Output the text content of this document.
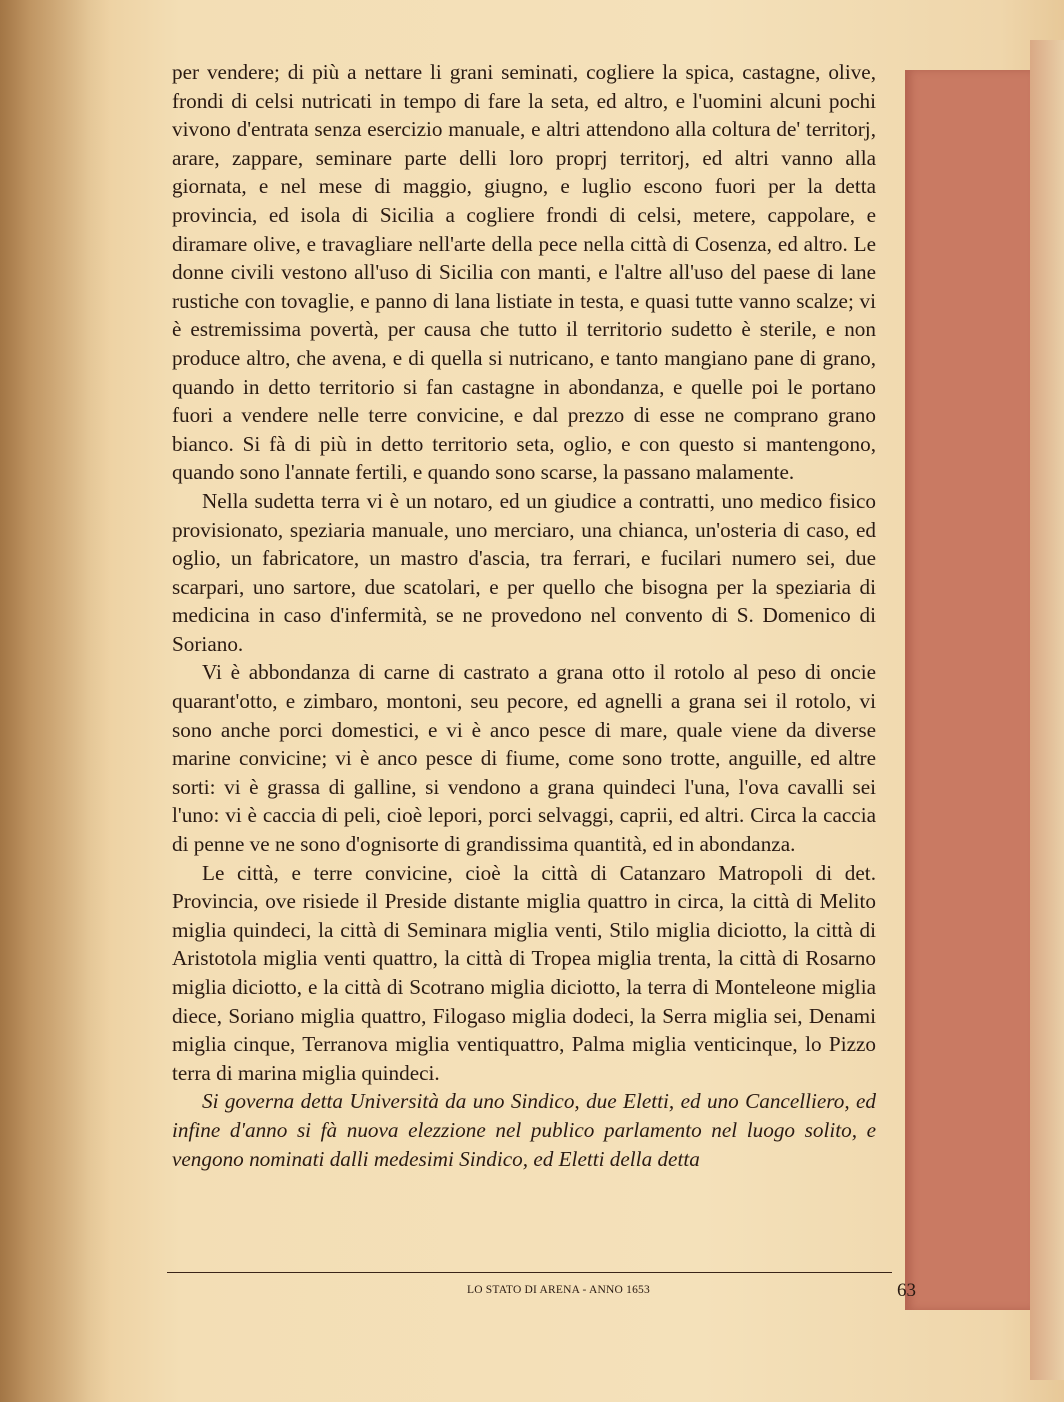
per vendere; di più a nettare li grani seminati, cogliere la spica, castagne, olive, frondi di celsi nutricati in tempo di fare la seta, ed altro, e l'uomini alcuni pochi vivono d'entrata senza esercizio manuale, e altri attendono alla coltura de' territorj, arare, zappare, seminare parte delli loro proprj territorj, ed altri vanno alla giornata, e nel mese di maggio, giugno, e luglio escono fuori per la detta provincia, ed isola di Sicilia a cogliere frondi di celsi, metere, cappolare, e diramare olive, e travagliare nell'arte della pece nella città di Cosenza, ed altro. Le donne civili vestono all'uso di Sicilia con manti, e l'altre all'uso del paese di lane rustiche con tovaglie, e panno di lana listiate in testa, e quasi tutte vanno scalze; vi è estremissima povertà, per causa che tutto il territorio sudetto è sterile, e non produce altro, che avena, e di quella si nutricano, e tanto mangiano pane di grano, quando in detto territorio si fan castagne in abondanza, e quelle poi le portano fuori a vendere nelle terre convicine, e dal prezzo di esse ne comprano grano bianco. Si fà di più in detto territorio seta, oglio, e con questo si mantengono, quando sono l'annate fertili, e quando sono scarse, la passano malamente.

Nella sudetta terra vi è un notaro, ed un giudice a contratti, uno medico fisico provisionato, speziaria manuale, uno merciaro, una chianca, un'osteria di caso, ed oglio, un fabricatore, un mastro d'ascia, tra ferrari, e fucilari numero sei, due scarpari, uno sartore, due scatolari, e per quello che bisogna per la speziaria di medicina in caso d'infermità, se ne provedono nel convento di S. Domenico di Soriano.

Vi è abbondanza di carne di castrato a grana otto il rotolo al peso di oncie quarant'otto, e zimbaro, montoni, seu pecore, ed agnelli a grana sei il rotolo, vi sono anche porci domestici, e vi è anco pesce di mare, quale viene da diverse marine convicine; vi è anco pesce di fiume, come sono trotte, anguille, ed altre sorti: vi è grassa di galline, si vendono a grana quindeci l'una, l'ova cavalli sei l'uno: vi è caccia di peli, cioè lepori, porci selvaggi, caprii, ed altri. Circa la caccia di penne ve ne sono d'ognisorte di grandissima quantità, ed in abondanza.

Le città, e terre convicine, cioè la città di Catanzaro Matropoli di det. Provincia, ove risiede il Preside distante miglia quattro in circa, la città di Melito miglia quindeci, la città di Seminara miglia venti, Stilo miglia diciotto, la città di Aristotola miglia venti quattro, la città di Tropea miglia trenta, la città di Rosarno miglia diciotto, e la città di Scotrano miglia diciotto, la terra di Monteleone miglia diece, Soriano miglia quattro, Filogaso miglia dodeci, la Serra miglia sei, Denami miglia cinque, Terranova miglia ventiquattro, Palma miglia venticinque, lo Pizzo terra di marina miglia quindeci.

Si governa detta Università da uno Sindico, due Eletti, ed uno Cancelliero, ed infine d'anno si fà nuova elezzione nel publico parlamento nel luogo solito, e vengono nominati dalli medesimi Sindico, ed Eletti della detta

LO STATO DI ARENA - ANNO 1653	63
